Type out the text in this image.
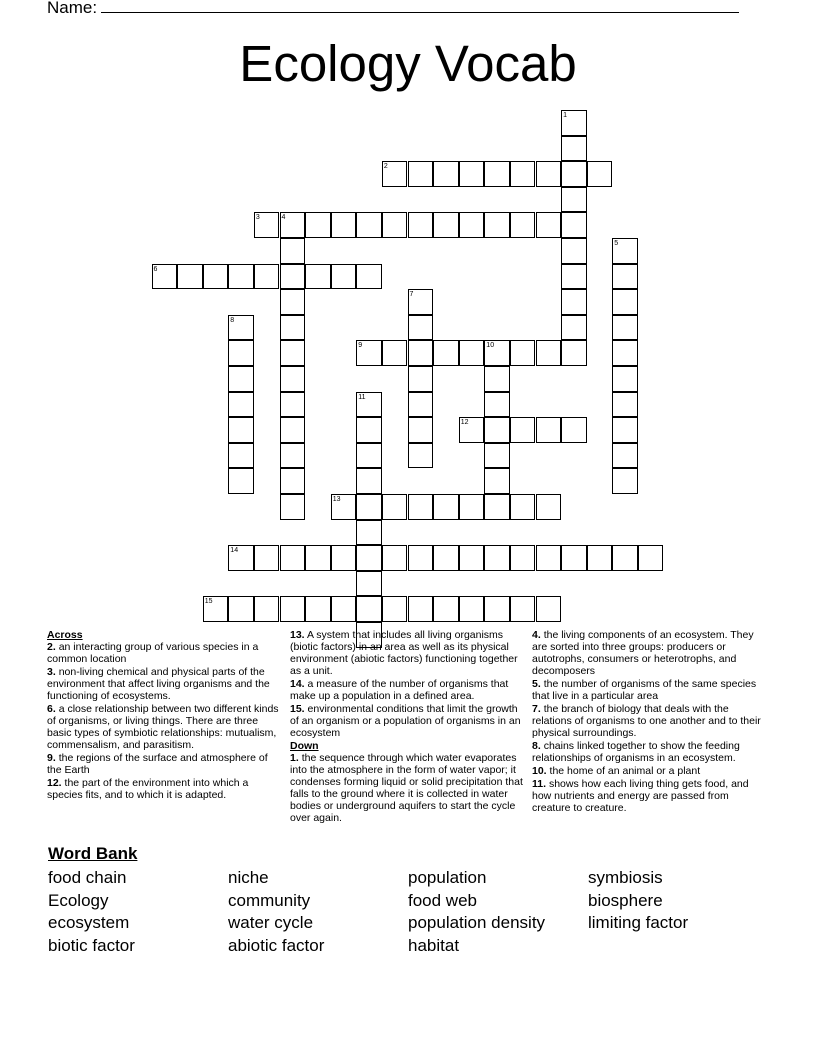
Name:
Ecology Vocab
1
2
3	4
5
6
7
8
9	10
11
12
13
14
15

Across

2. an interacting group of various species in a common location

3. non-living chemical and physical parts of the environment that affect living organisms and the functioning of ecosystems.

6. a close relationship between two different kinds of organisms, or living things. There are three basic types of symbiotic relationships: mutualism, commensalism, and parasitism.

9. the regions of the surface and atmosphere of the Earth

12. the part of the environment into which a species fits, and to which it is adapted.

13. A system that includes all living organisms (biotic factors) in an area as well as its physical environment (abiotic factors) functioning together as a unit.

14. a measure of the number of organisms that make up a population in a defined area.

15. environmental conditions that limit the growth of an organism or a population of organisms in an ecosystem

Down

1. the sequence through which water evaporates into the atmosphere in the form of water vapor; it condenses forming liquid or solid precipitation that falls to the ground where it is collected in water bodies or underground aquifers to start the cycle over again.

4. the living components of an ecosystem. They are sorted into three groups: producers or autotrophs, consumers or heterotrophs, and decomposers

5. the number of organisms of the same species that live in a particular area

7. the branch of biology that deals with the relations of organisms to one another and to their physical surroundings.

8. chains linked together to show the feeding relationships of organisms in an ecosystem.

10. the home of an animal or a plant

11. shows how each living thing gets food, and how nutrients and energy are passed from creature to creature.

Word Bank
food chain
Ecology
ecosystem
biotic factor
niche
community
water cycle
abiotic factor
population
food web
population density
habitat
symbiosis
biosphere
limiting factor
